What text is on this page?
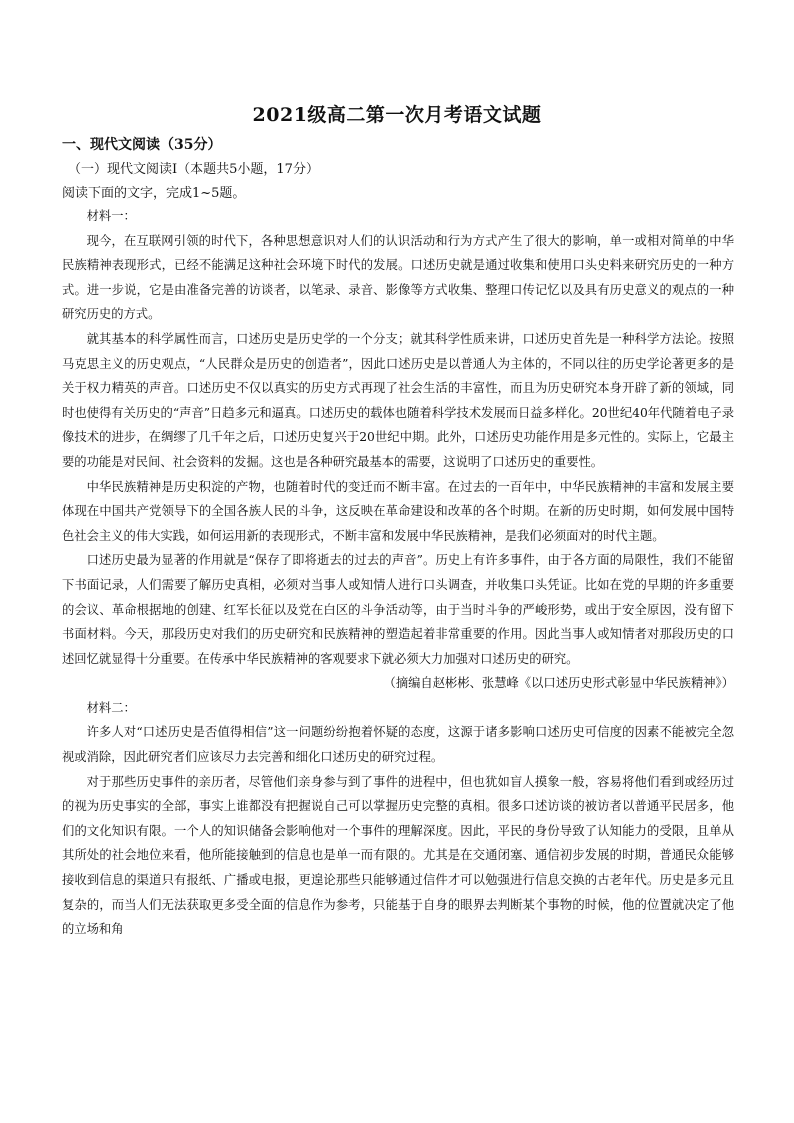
2021级高二第一次月考语文试题
一、现代文阅读（35分）
（一）现代文阅读Ⅰ（本题共5小题，17分）
阅读下面的文字，完成1~5题。

材料一：

现今，在互联网引领的时代下，各种思想意识对人们的认识活动和行为方式产生了很大的影响，单一或相对简单的中华民族精神表现形式，已经不能满足这种社会环境下时代的发展。口述历史就是通过收集和使用口头史料来研究历史的一种方式。进一步说，它是由准备完善的访谈者，以笔录、录音、影像等方式收集、整理口传记忆以及具有历史意义的观点的一种研究历史的方式。

就其基本的科学属性而言，口述历史是历史学的一个分支；就其科学性质来讲，口述历史首先是一种科学方法论。按照马克思主义的历史观点，“人民群众是历史的创造者”，因此口述历史是以普通人为主体的，不同以往的历史学论著更多的是关于权力精英的声音。口述历史不仅以真实的历史方式再现了社会生活的丰富性，而且为历史研究本身开辟了新的领域，同时也使得有关历史的“声音”日趋多元和逼真。口述历史的载体也随着科学技术发展而日益多样化。20世纪40年代随着电子录像技术的进步，在绸缪了几千年之后，口述历史复兴于20世纪中期。此外，口述历史功能作用是多元性的。实际上，它最主要的功能是对民间、社会资料的发掘。这也是各种研究最基本的需要，这说明了口述历史的重要性。

中华民族精神是历史积淀的产物，也随着时代的变迁而不断丰富。在过去的一百年中，中华民族精神的丰富和发展主要体现在中国共产党领导下的全国各族人民的斗争，这反映在革命建设和改革的各个时期。在新的历史时期，如何发展中国特色社会主义的伟大实践，如何运用新的表现形式，不断丰富和发展中华民族精神，是我们必须面对的时代主题。

口述历史最为显著的作用就是“保存了即将逝去的过去的声音”。历史上有许多事件，由于各方面的局限性，我们不能留下书面记录，人们需要了解历史真相，必须对当事人或知情人进行口头调查，并收集口头凭证。比如在党的早期的许多重要的会议、革命根据地的创建、红军长征以及党在白区的斗争活动等，由于当时斗争的严峻形势，或出于安全原因，没有留下书面材料。今天，那段历史对我们的历史研究和民族精神的塑造起着非常重要的作用。因此当事人或知情者对那段历史的口述回忆就显得十分重要。在传承中华民族精神的客观要求下就必须大力加强对口述历史的研究。

（摘编自赵彬彬、张慧峰《以口述历史形式彰显中华民族精神》）

材料二：

许多人对“口述历史是否值得相信”这一问题纷纷抱着怀疑的态度，这源于诸多影响口述历史可信度的因素不能被完全忽视或消除，因此研究者们应该尽力去完善和细化口述历史的研究过程。

对于那些历史事件的亲历者，尽管他们亲身参与到了事件的进程中，但也犹如盲人摸象一般，容易将他们看到或经历过的视为历史事实的全部，事实上谁都没有把握说自己可以掌握历史完整的真相。很多口述访谈的被访者以普通平民居多，他们的文化知识有限。一个人的知识储备会影响他对一个事件的理解深度。因此，平民的身份导致了认知能力的受限，且单从其所处的社会地位来看，他所能接触到的信息也是单一而有限的。尤其是在交通闭塞、通信初步发展的时期，普通民众能够接收到信息的渠道只有报纸、广播或电报，更遑论那些只能够通过信件才可以勉强进行信息交换的古老年代。历史是多元且复杂的，而当人们无法获取更多受全面的信息作为参考，只能基于自身的眼界去判断某个事物的时候，他的位置就决定了他的立场和角
